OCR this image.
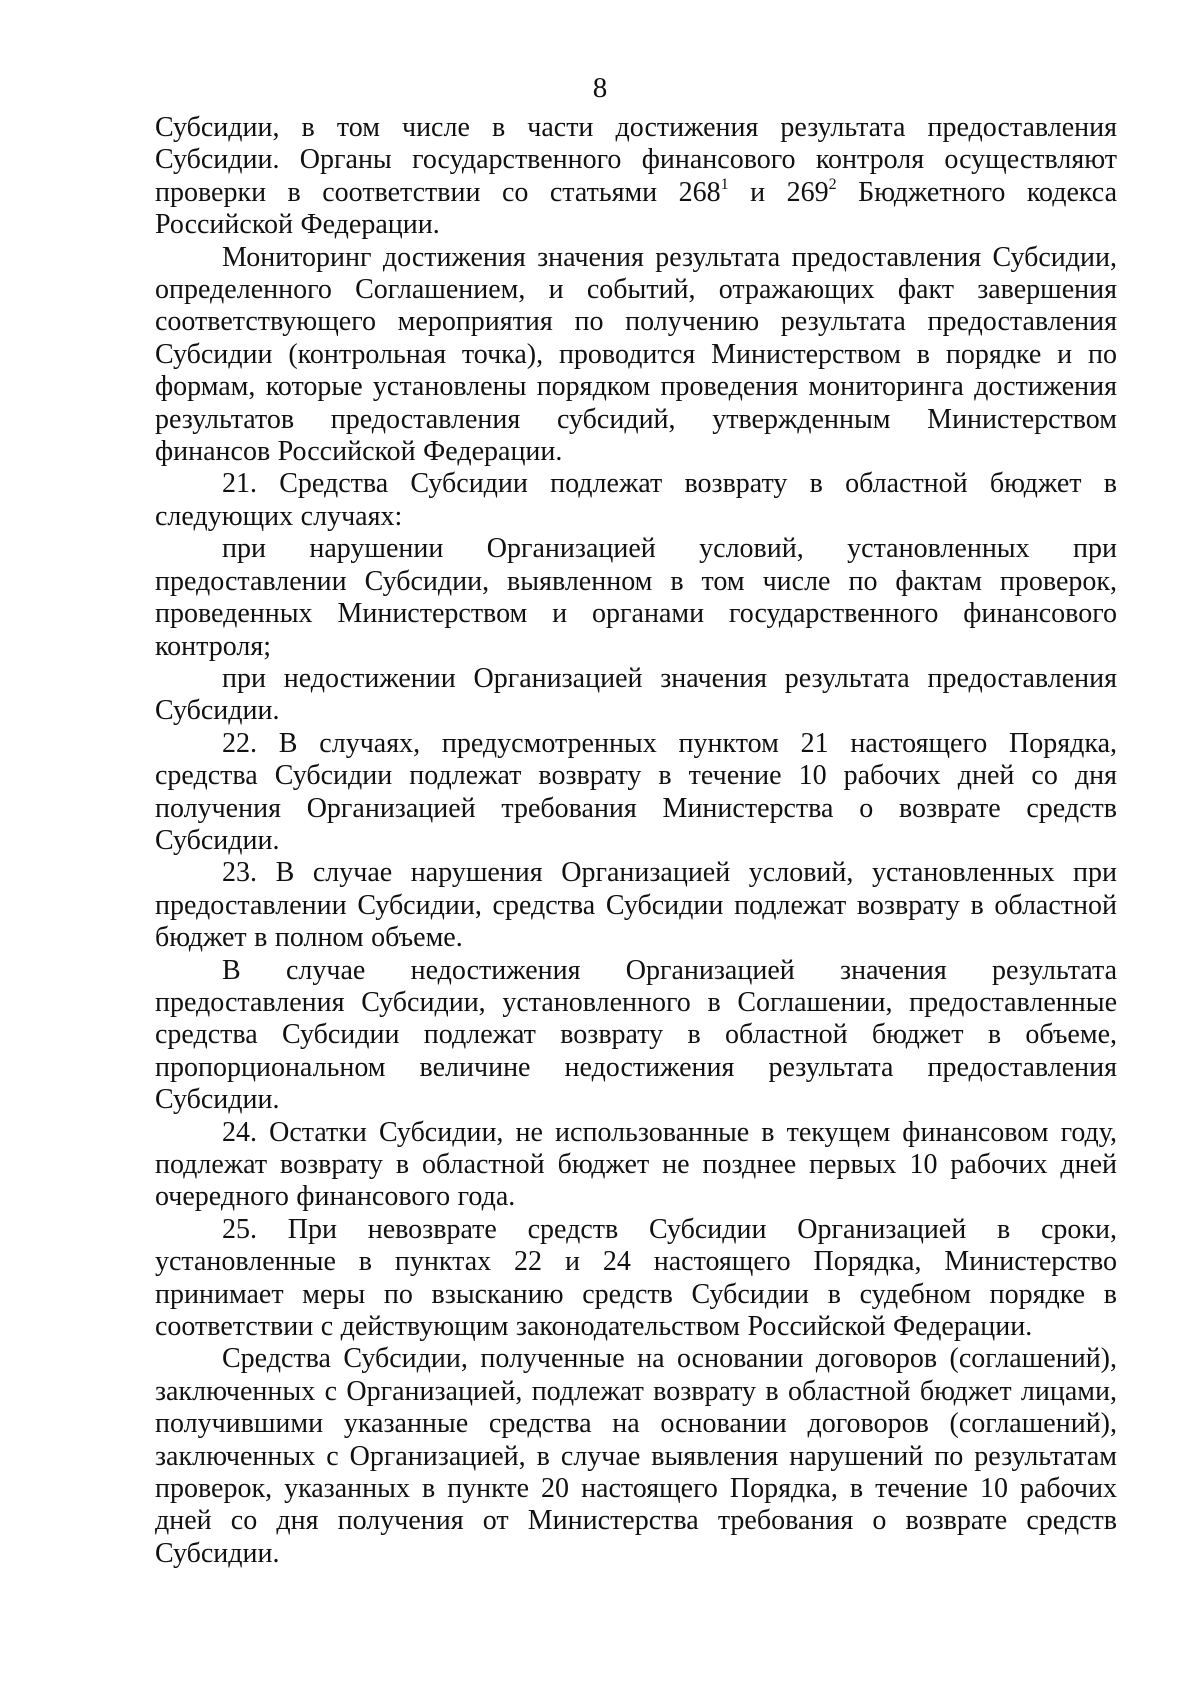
8

Субсидии, в том числе в части достижения результата предоставления Субсидии. Органы государственного финансового контроля осуществляют проверки в соответствии со статьями $268^1$ и $269^2$ Бюджетного кодекса Российской Федерации.

Мониторинг достижения значения результата предоставления Субсидии, определенного Соглашением, и событий, отражающих факт завершения соответствующего мероприятия по получению результата предоставления Субсидии (контрольная точка), проводится Министерством в порядке и по формам, которые установлены порядком проведения мониторинга достижения результатов предоставления субсидий, утвержденным Министерством финансов Российской Федерации.

21. Средства Субсидии подлежат возврату в областной бюджет в следующих случаях:

при нарушении Организацией условий, установленных при предоставлении Субсидии, выявленном в том числе по фактам проверок, проведенных Министерством и органами государственного финансового контроля;

при недостижении Организацией значения результата предоставления Субсидии.

22. В случаях, предусмотренных пунктом 21 настоящего Порядка, средства Субсидии подлежат возврату в течение 10 рабочих дней со дня получения Организацией требования Министерства о возврате средств Субсидии.

23. В случае нарушения Организацией условий, установленных при предоставлении Субсидии, средства Субсидии подлежат возврату в областной бюджет в полном объеме.

В случае недостижения Организацией значения результата предоставления Субсидии, установленного в Соглашении, предоставленные средства Субсидии подлежат возврату в областной бюджет в объеме, пропорциональном величине недостижения результата предоставления Субсидии.

24. Остатки Субсидии, не использованные в текущем финансовом году, подлежат возврату в областной бюджет не позднее первых 10 рабочих дней очередного финансового года.

25. При невозврате средств Субсидии Организацией в сроки, установленные в пунктах 22 и 24 настоящего Порядка, Министерство принимает меры по взысканию средств Субсидии в судебном порядке в соответствии с действующим законодательством Российской Федерации.

Средства Субсидии, полученные на основании договоров (соглашений), заключенных с Организацией, подлежат возврату в областной бюджет лицами, получившими указанные средства на основании договоров (соглашений), заключенных с Организацией, в случае выявления нарушений по результатам проверок, указанных в пункте 20 настоящего Порядка, в течение 10 рабочих дней со дня получения от Министерства требования о возврате средств Субсидии.
